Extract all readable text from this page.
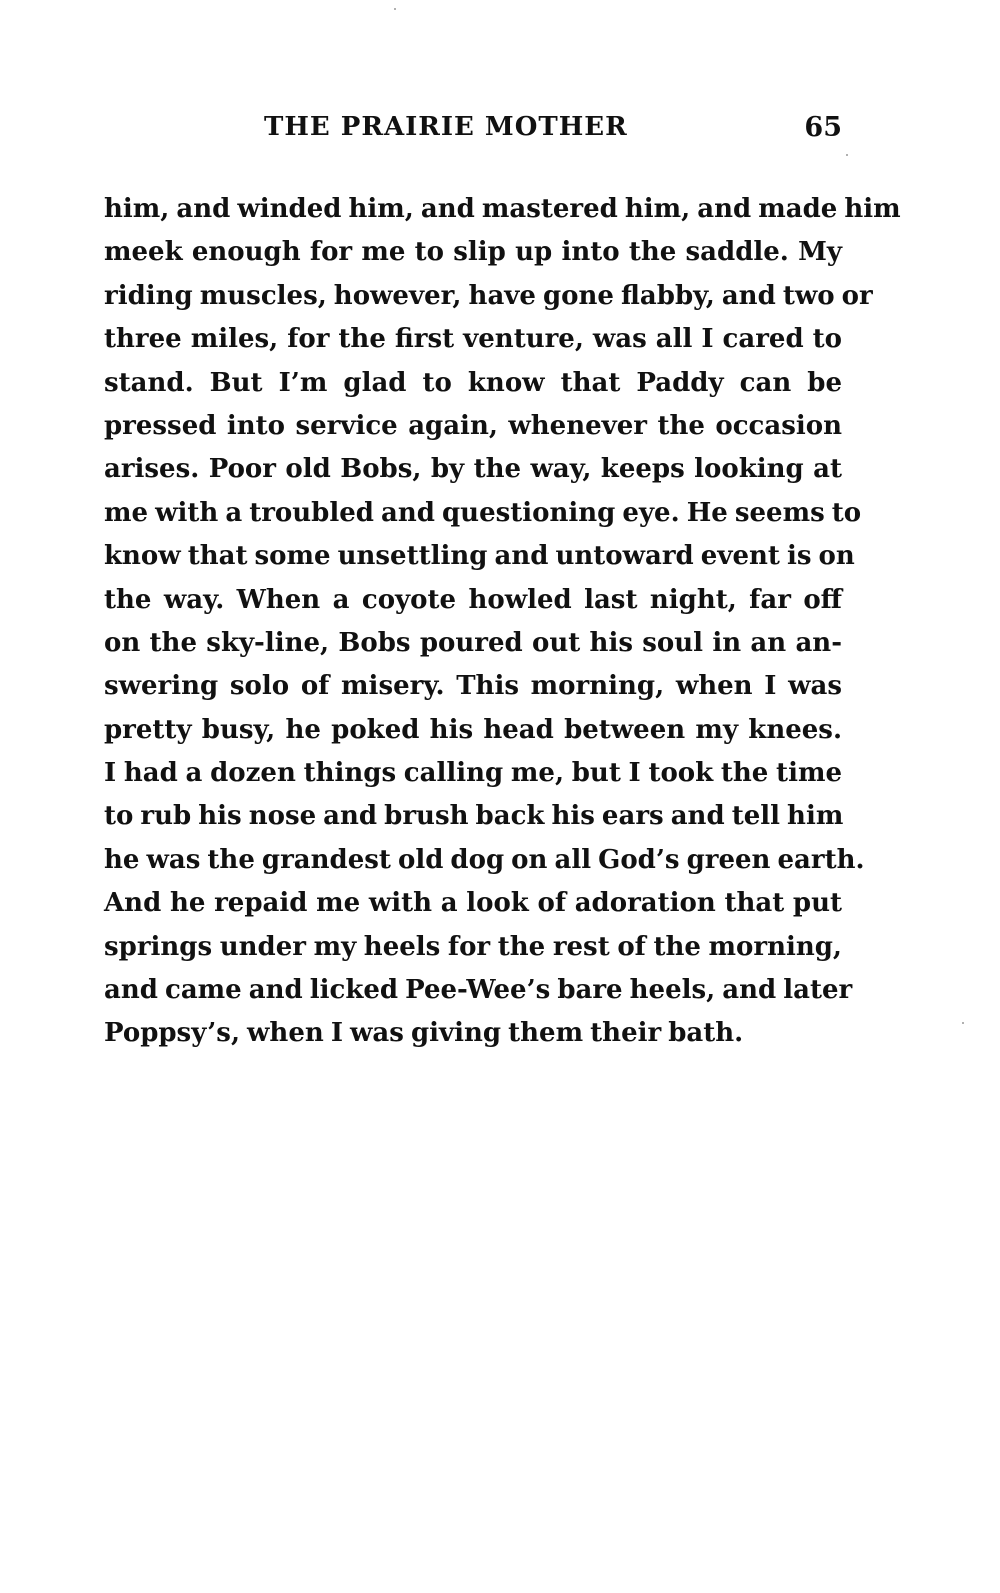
THE PRAIRIE MOTHER	65
him, and winded him, and mastered him, and made him
meek enough for me to slip up into the saddle. My
riding muscles, however, have gone flabby, and two or
three miles, for the first venture, was all I cared to
stand. But I’m glad to know that Paddy can be
pressed into service again, whenever the occasion
arises. Poor old Bobs, by the way, keeps looking at
me with a troubled and questioning eye. He seems to
know that some unsettling and untoward event is on
the way. When a coyote howled last night, far off
on the sky-line, Bobs poured out his soul in an an-
swering solo of misery. This morning, when I was
pretty busy, he poked his head between my knees.
I had a dozen things calling me, but I took the time
to rub his nose and brush back his ears and tell him
he was the grandest old dog on all God’s green earth.
And he repaid me with a look of adoration that put
springs under my heels for the rest of the morning,
and came and licked Pee-Wee’s bare heels, and later
Poppsy’s, when I was giving them their bath.
